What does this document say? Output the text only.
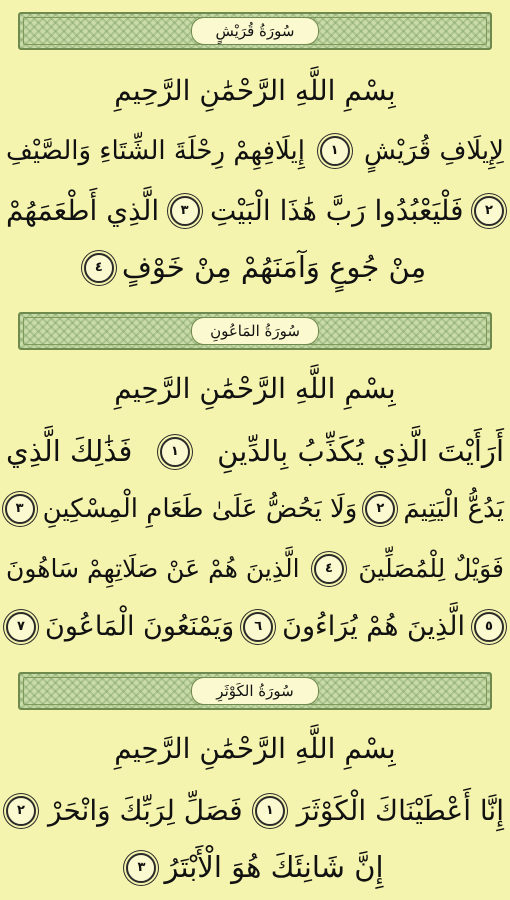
سُورَةُ قُرَيْشٍ
بِسْمِ اللَّهِ الرَّحْمَٰنِ الرَّحِيمِ
لِإِيلَافِ قُرَيْشٍ
١
إِيلَافِهِمْ رِحْلَةَ الشِّتَاءِ وَالصَّيْفِ
٢
فَلْيَعْبُدُوا رَبَّ هَٰذَا الْبَيْتِ
٣
الَّذِي أَطْعَمَهُمْ
مِنْ جُوعٍ وَآمَنَهُمْ مِنْ خَوْفٍ
٤
سُورَةُ المَاعُونِ
بِسْمِ اللَّهِ الرَّحْمَٰنِ الرَّحِيمِ
أَرَأَيْتَ الَّذِي يُكَذِّبُ بِالدِّينِ
١
فَذَٰلِكَ الَّذِي
يَدُعُّ الْيَتِيمَ
٢
وَلَا يَحُضُّ عَلَىٰ طَعَامِ الْمِسْكِينِ
٣
فَوَيْلٌ لِلْمُصَلِّينَ
٤
الَّذِينَ هُمْ عَنْ صَلَاتِهِمْ سَاهُونَ
٥
الَّذِينَ هُمْ يُرَاءُونَ
٦
وَيَمْنَعُونَ الْمَاعُونَ
٧
سُورَةُ الكَوْثَرِ
بِسْمِ اللَّهِ الرَّحْمَٰنِ الرَّحِيمِ
إِنَّا أَعْطَيْنَاكَ الْكَوْثَرَ
١
فَصَلِّ لِرَبِّكَ وَانْحَرْ
٢
إِنَّ شَانِئَكَ هُوَ الْأَبْتَرُ
٣
